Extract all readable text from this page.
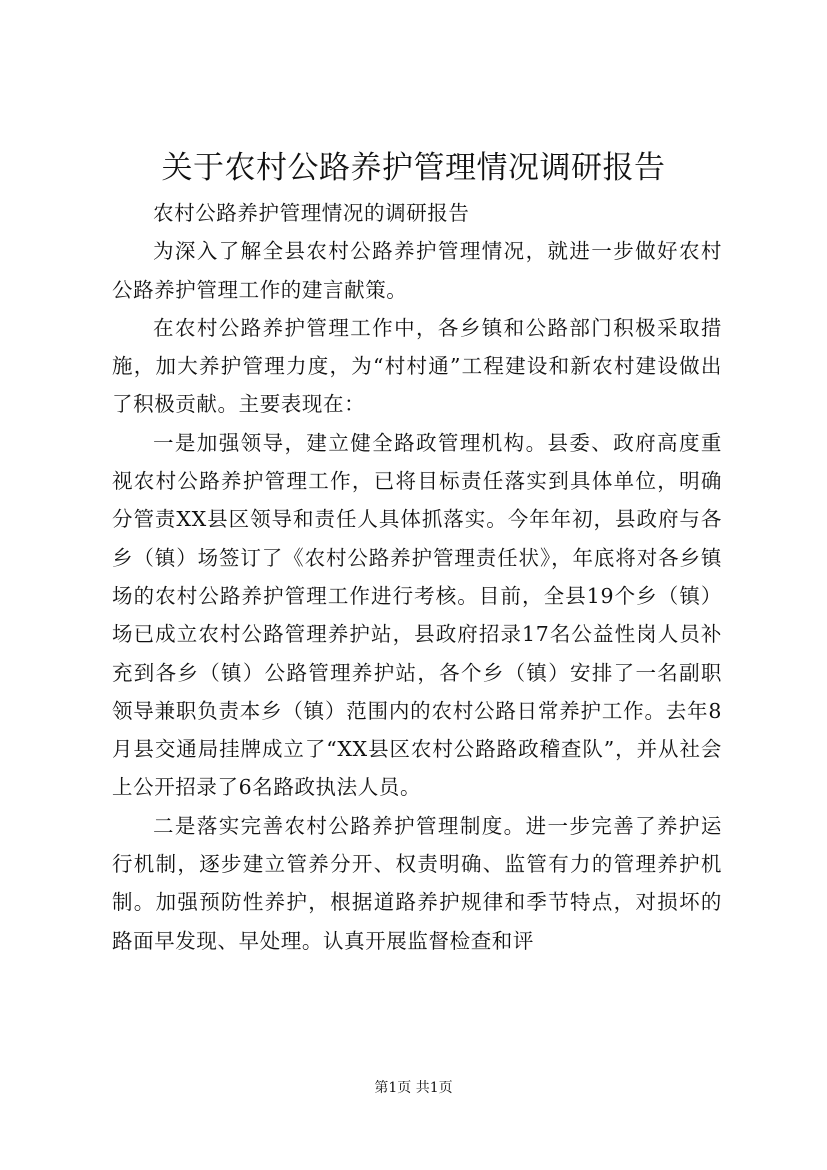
关于农村公路养护管理情况调研报告

农村公路养护管理情况的调研报告

为深入了解全县农村公路养护管理情况，就进一步做好农村公路养护管理工作的建言献策。

在农村公路养护管理工作中，各乡镇和公路部门积极采取措施，加大养护管理力度，为“村村通”工程建设和新农村建设做出了积极贡献。主要表现在：

一是加强领导，建立健全路政管理机构。县委、政府高度重视农村公路养护管理工作，已将目标责任落实到具体单位，明确分管责XX县区领导和责任人具体抓落实。今年年初，县政府与各乡（镇）场签订了《农村公路养护管理责任状》，年底将对各乡镇场的农村公路养护管理工作进行考核。目前，全县19个乡（镇）场已成立农村公路管理养护站，县政府招录17名公益性岗人员补充到各乡（镇）公路管理养护站，各个乡（镇）安排了一名副职领导兼职负责本乡（镇）范围内的农村公路日常养护工作。去年8月县交通局挂牌成立了“XX县区农村公路路政稽查队”，并从社会上公开招录了6名路政执法人员。

二是落实完善农村公路养护管理制度。进一步完善了养护运行机制，逐步建立管养分开、权责明确、监管有力的管理养护机制。加强预防性养护，根据道路养护规律和季节特点，对损坏的路面早发现、早处理。认真开展监督检查和评

第1页 共1页
